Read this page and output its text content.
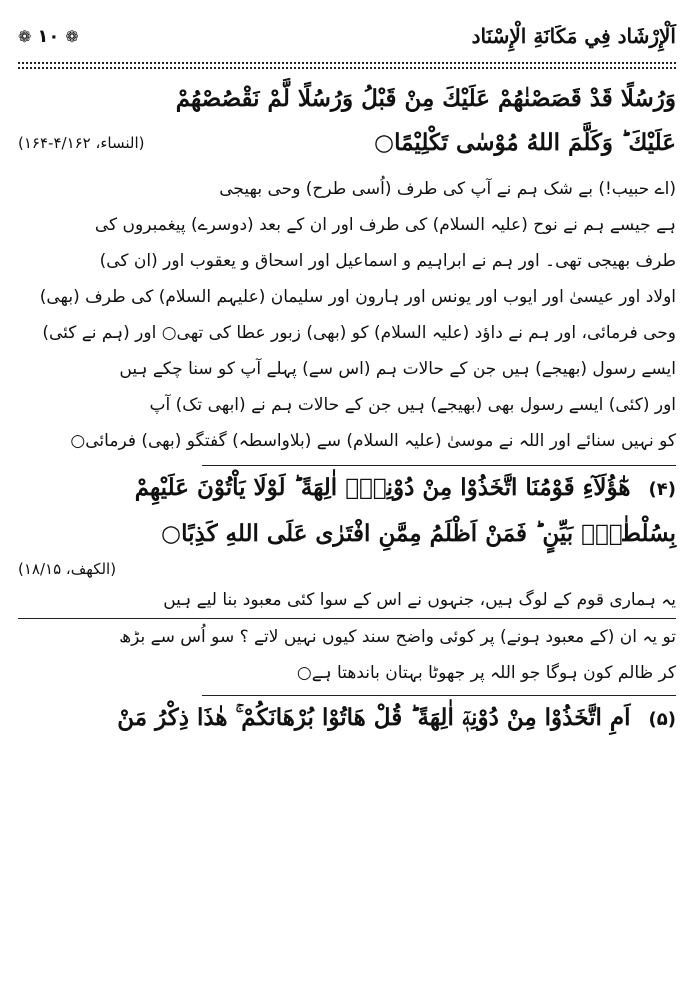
اَلْإِرْشَاد فِي مَكَانَةِ الْإِسْنَاد
❁
۱۰
❁
وَرُسُلًا قَدْ قَصَصْنٰهُمْ عَلَيْكَ مِنْ قَبْلُ وَرُسُلًا لَّمْ نَقْصُصْهُمْ
عَلَيْكَ ؕ وَكَلَّمَ اللهُ مُوْسٰى تَكْلِيْمًا○
(النساء، ۴/۱۶۲-۱۶۴)
(اے حبیب!) بے شک ہم نے آپ کی طرف (اُسی طرح) وحی بھیجی
ہے جیسے ہم نے نوح (علیہ السلام) کی طرف اور ان کے بعد (دوسرے) پیغمبروں کی
طرف بھیجی تھی۔ اور ہم نے ابراہیم و اسماعیل اور اسحاق و یعقوب اور (ان کی)
اولاد اور عیسیٰ اور ایوب اور یونس اور ہارون اور سلیمان (علیہم السلام) کی طرف (بھی)
وحی فرمائی، اور ہم نے داؤد (علیہ السلام) کو (بھی) زبور عطا کی تھی○ اور (ہم نے کئی)
ایسے رسول (بھیجے) ہیں جن کے حالات ہم (اس سے) پہلے آپ کو سنا چکے ہیں
اور (کئی) ایسے رسول بھی (بھیجے) ہیں جن کے حالات ہم نے (ابھی تک) آپ
کو نہیں سنائے اور اللہ نے موسیٰ (علیہ السلام) سے (بلاواسطہ) گفتگو (بھی) فرمائی○
(۴) هٰٓؤُلَآءِ قَوْمُنَا اتَّخَذُوْا مِنْ دُوْنِهٖٓ اٰلِهَةً ؕ لَوْلَا يَاْتُوْنَ عَلَيْهِمْ
بِسُلْطٰنٍۢ بَيِّنٍ ؕ فَمَنْ اَظْلَمُ مِمَّنِ افْتَرٰى عَلَى اللهِ كَذِبًا○
(الكهف، ۱۸/۱۵)
یہ ہماری قوم کے لوگ ہیں، جنہوں نے اس کے سوا کئی معبود بنا لیے ہیں
تو یہ ان (کے معبود ہونے) پر کوئی واضح سند کیوں نہیں لاتے ؟ سو اُس سے بڑھ
کر ظالم کون ہوگا جو اللہ پر جھوٹا بہتان باندھتا ہے○
(۵) اَمِ اتَّخَذُوْا مِنْ دُوْنِهٖٓ اٰلِهَةً ؕ قُلْ هَاتُوْا بُرْهَانَكُمْ ۚ هٰذَا ذِكْرُ مَنْ
